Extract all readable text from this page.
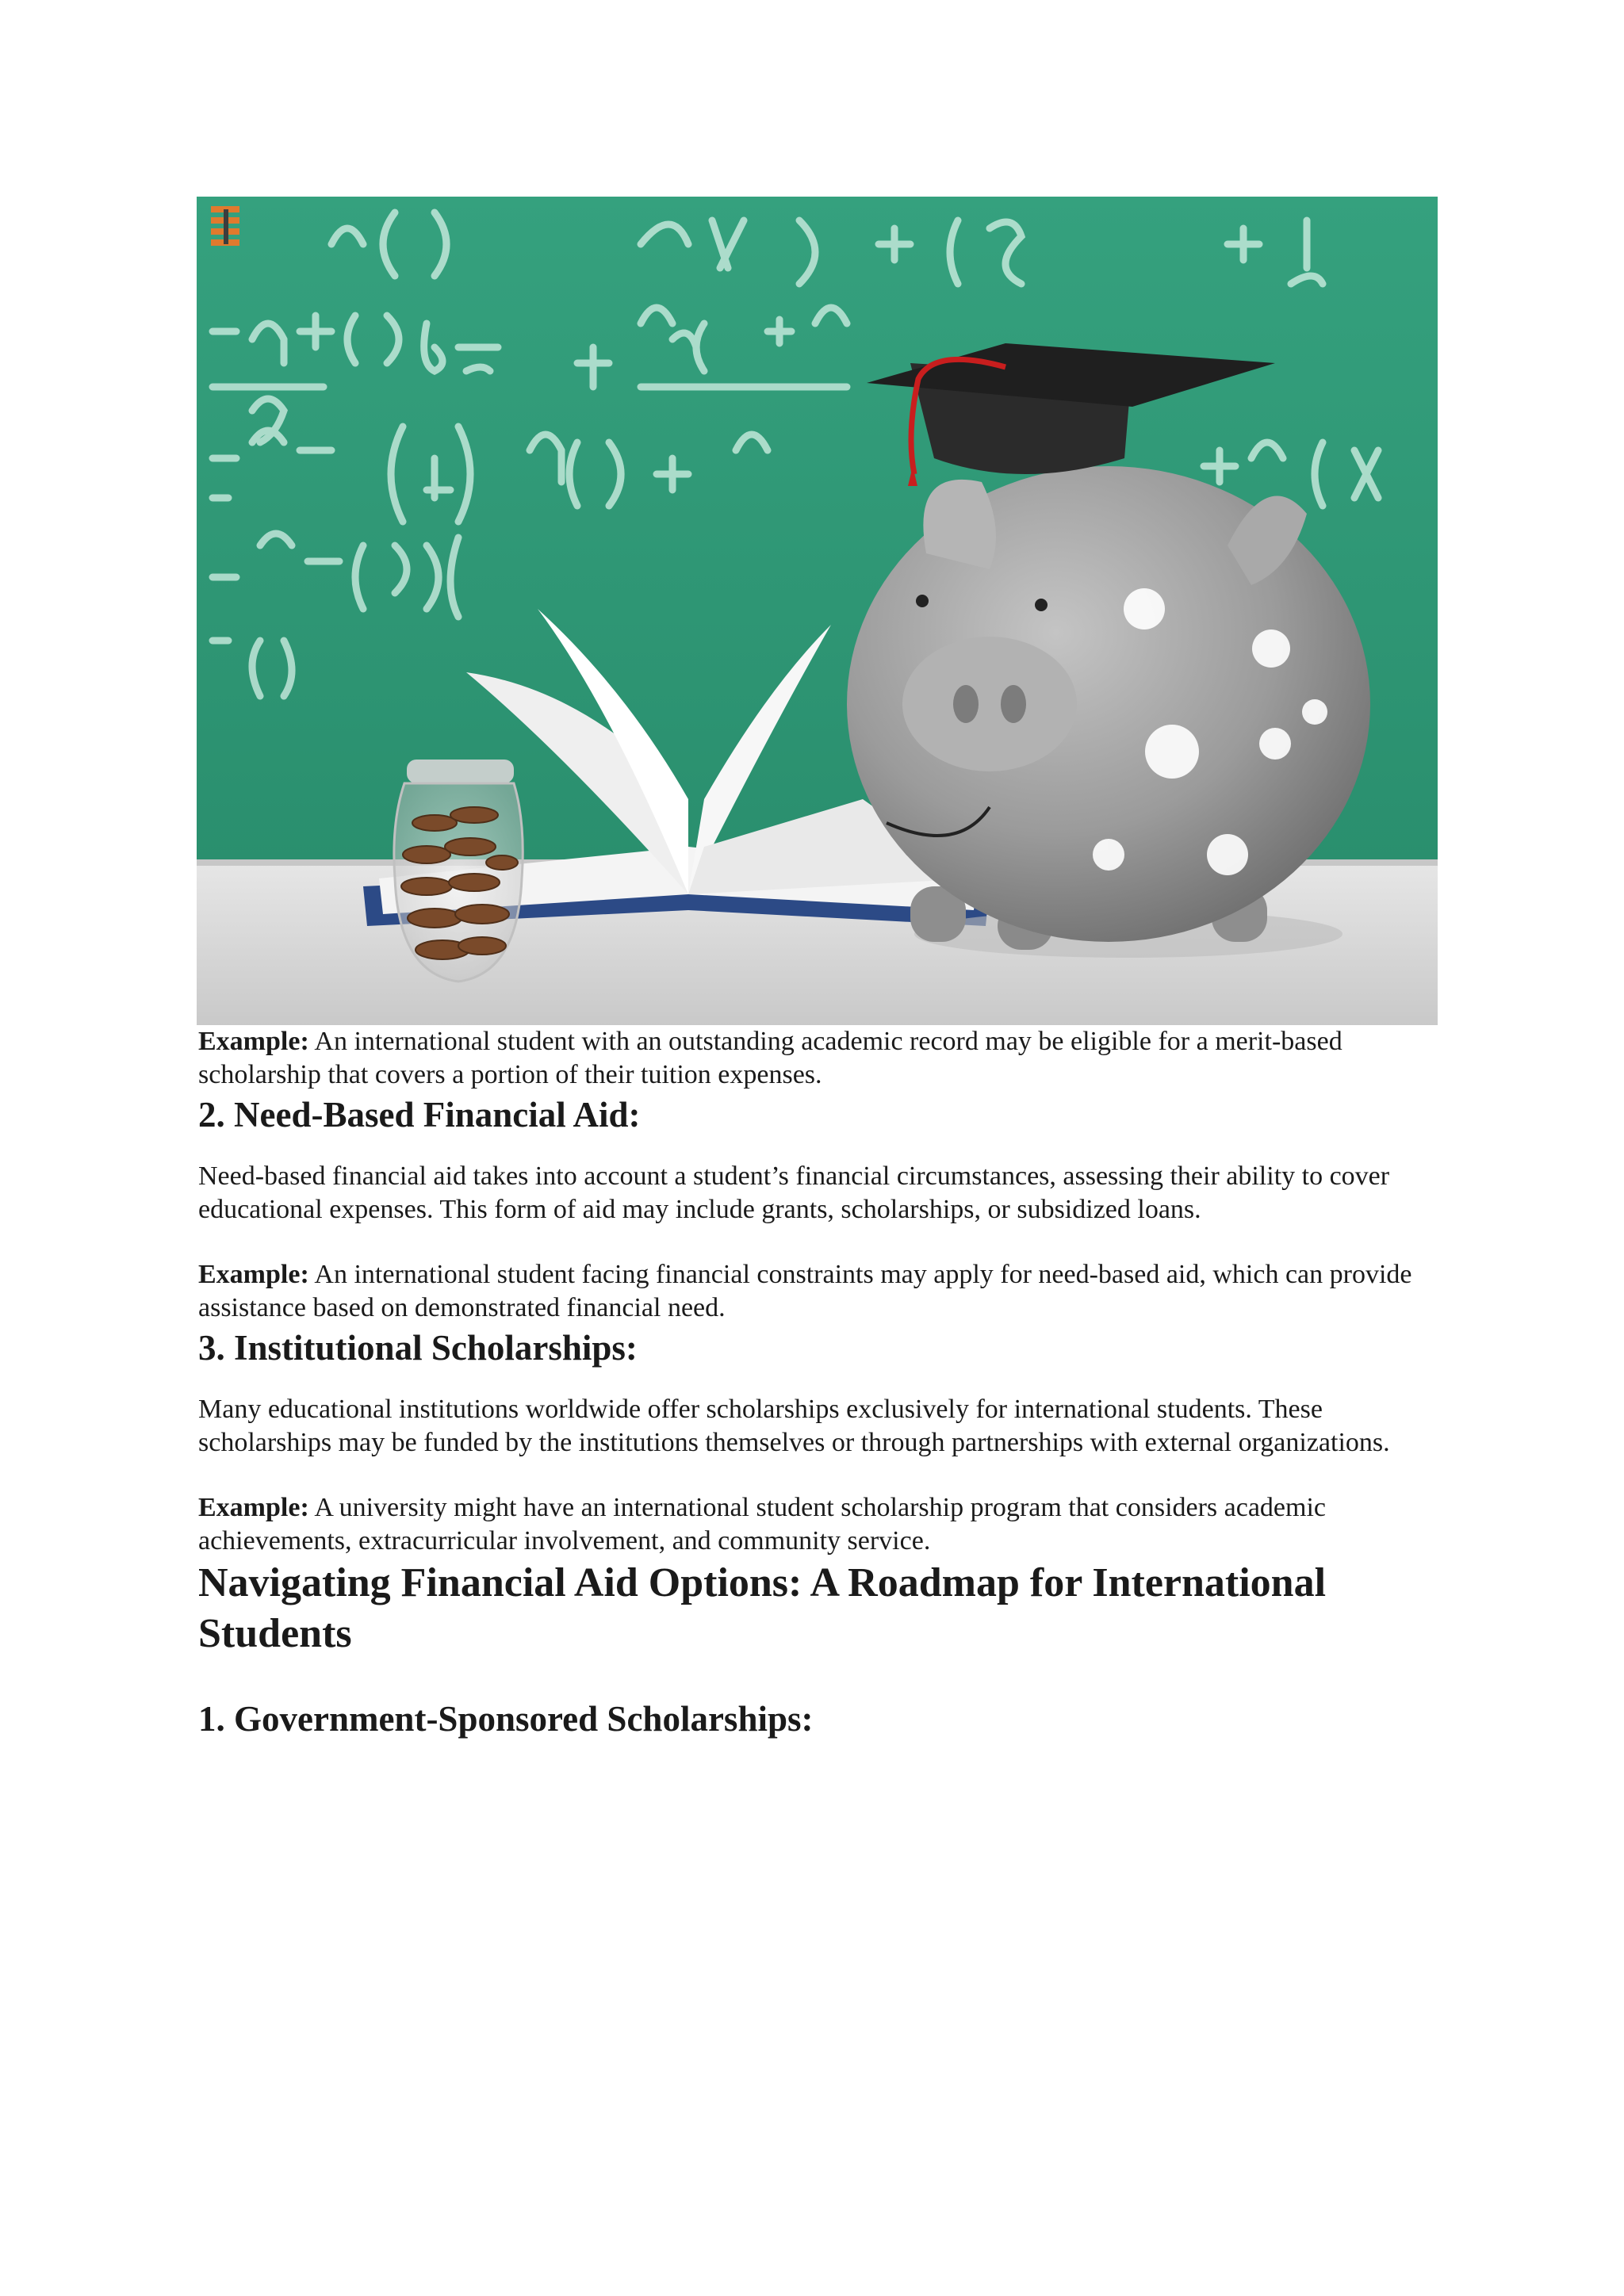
Example: An international student with an outstanding academic record may be eligible for a merit-based scholarship that covers a portion of their tuition expenses.

2. Need-Based Financial Aid:

Need-based financial aid takes into account a student’s financial circumstances, assessing their ability to cover educational expenses. This form of aid may include grants, scholarships, or subsidized loans.

Example: An international student facing financial constraints may apply for need-based aid, which can provide assistance based on demonstrated financial need.

3. Institutional Scholarships:

Many educational institutions worldwide offer scholarships exclusively for international students. These scholarships may be funded by the institutions themselves or through partnerships with external organizations.

Example: A university might have an international student scholarship program that considers academic achievements, extracurricular involvement, and community service.

Navigating Financial Aid Options: A Roadmap for International Students
1. Government-Sponsored Scholarships:
